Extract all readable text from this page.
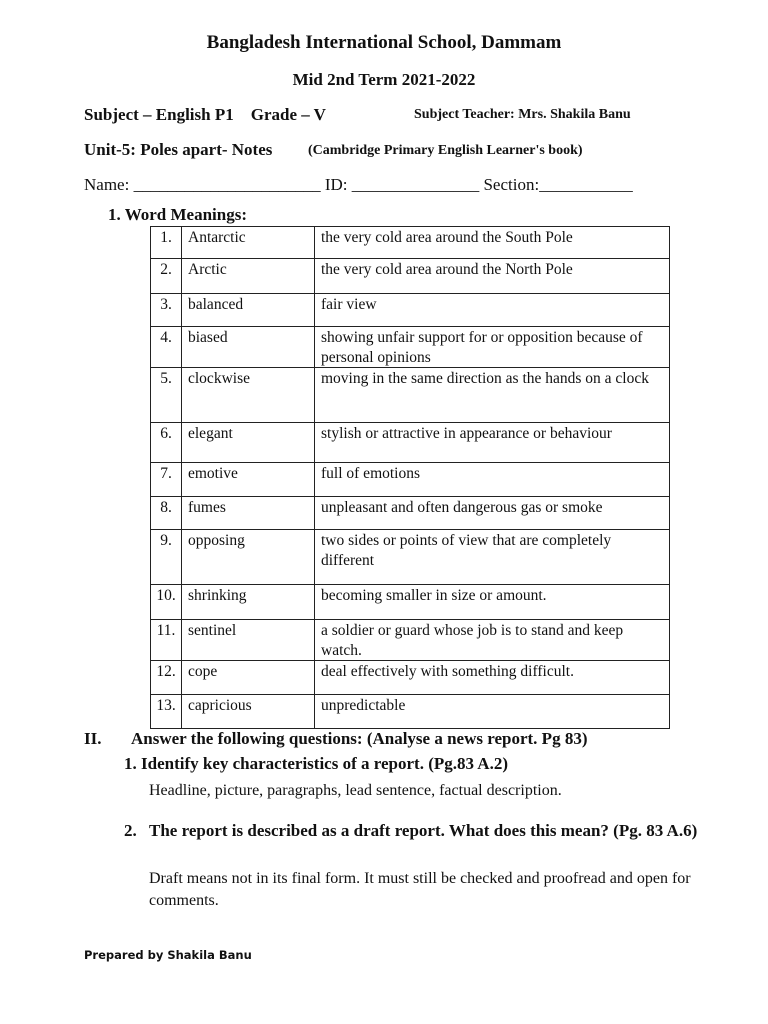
Bangladesh International School, Dammam
Mid 2nd Term 2021-2022
Subject – English P1    Grade – V	Subject Teacher: Mrs. Shakila Banu
Unit-5: Poles apart- Notes	(Cambridge Primary English Learner's book)
Name: ______________________ ID: _______________ Section:___________
1. Word Meanings:
1.	Antarctic	the very cold area around the South Pole
2.	Arctic	the very cold area around the North Pole
3.	balanced	fair view
4.	biased	showing unfair support for or opposition because of personal opinions
5.	clockwise	moving in the same direction as the hands on a clock
6.	elegant	stylish or attractive in appearance or behaviour
7.	emotive	full of emotions
8.	fumes	unpleasant and often dangerous gas or smoke
9.	opposing	two sides or points of view that are completely different
10.	shrinking	becoming smaller in size or amount.
11.	sentinel	a soldier or guard whose job is to stand and keep watch.
12.	cope	deal effectively with something difficult.
13.	capricious	unpredictable
II. Answer the following questions: (Analyse a news report. Pg 83)
1. Identify key characteristics of a report. (Pg.83 A.2)
Headline, picture, paragraphs, lead sentence, factual description.
2. The report is described as a draft report. What does this mean? (Pg. 83 A.6)
Draft means not in its final form. It must still be checked and proofread and open for comments.
Prepared by Shakila Banu
